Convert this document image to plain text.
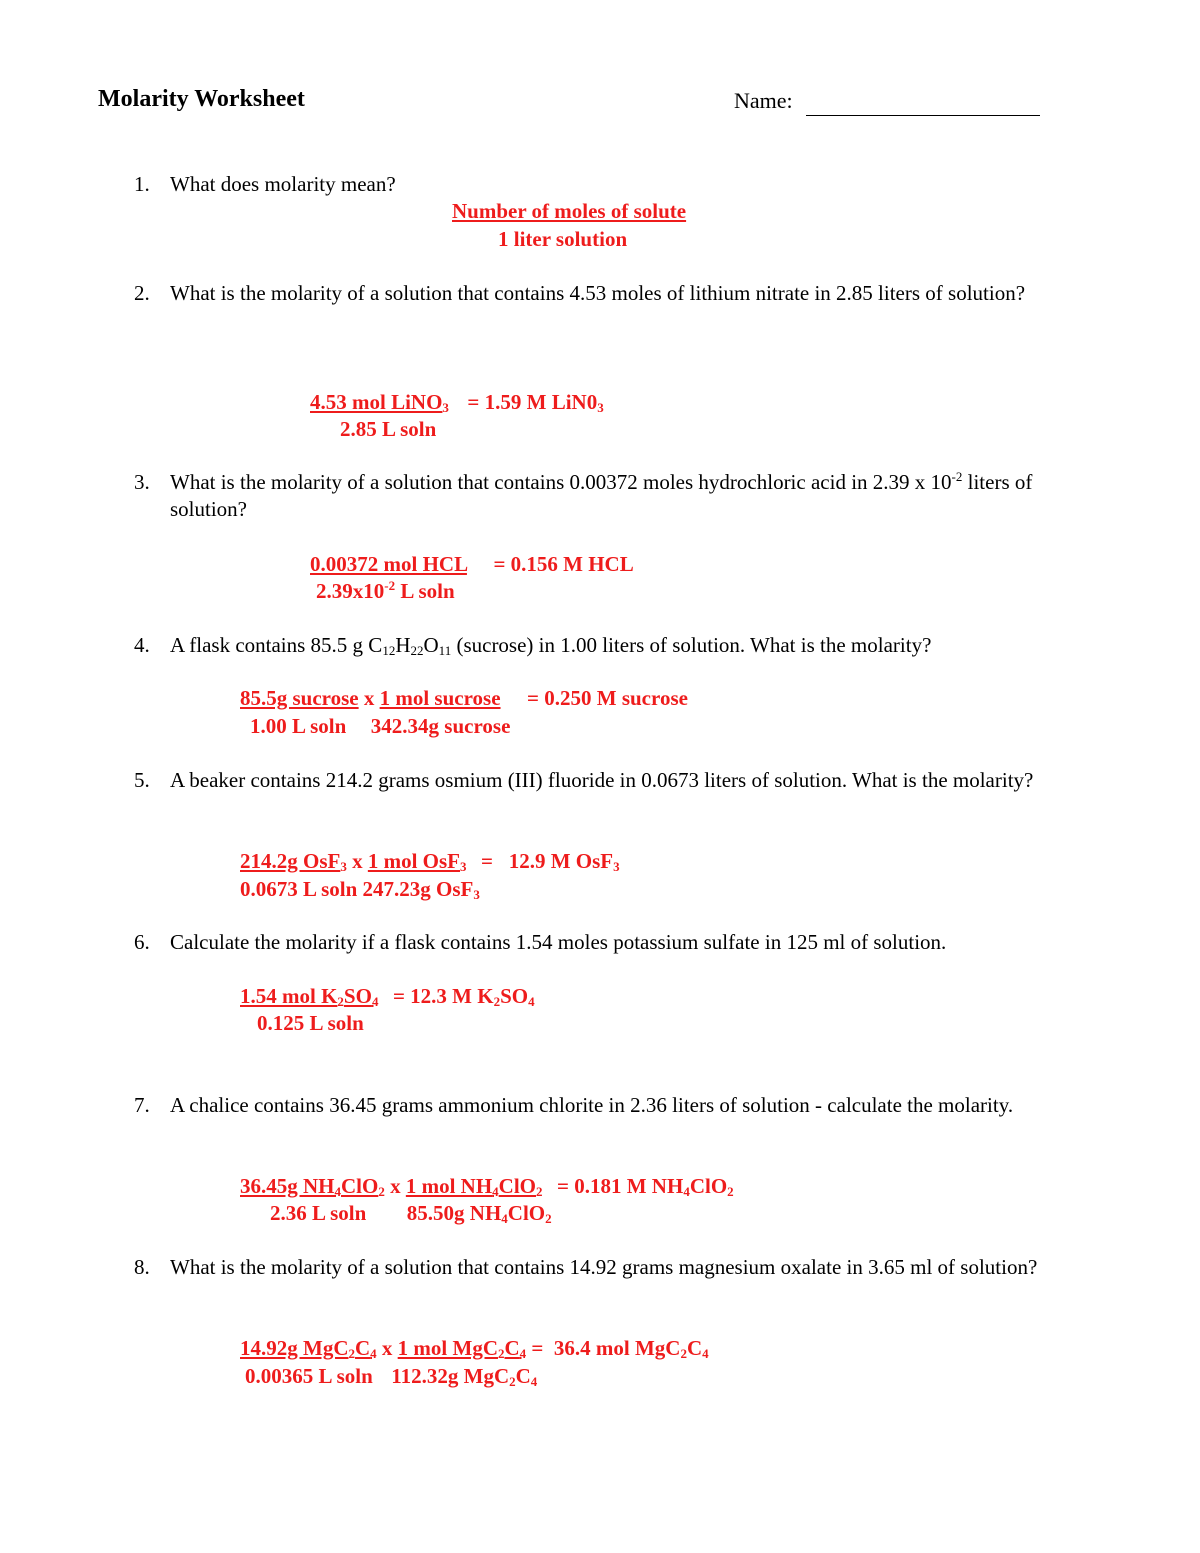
Molarity Worksheet	Name:
1. What does molarity mean?
Number of moles of solute
1 liter solution
2. What is the molarity of a solution that contains 4.53 moles of lithium nitrate in 2.85 liters of solution?
4.53 mol LiNO$_3$ = 1.59 M $LiN0_3$
2.85 L soln
3. What is the molarity of a solution that contains 0.00372 moles hydrochloric acid in 2.39 x $10^{-2}$ liters of solution?
0.00372 mol HCL = 0.156 M HCL
$2.39x10^{-2}$ L soln
4. A flask contains 85.5 g $C_{12}H_{22}O_{11}$ (sucrose) in 1.00 liters of solution. What is the molarity?
85.5g sucrose x 1 mol sucrose = 0.250 M sucrose
1.00 L soln 342.34g sucrose
5. A beaker contains 214.2 grams osmium (III) fluoride in 0.0673 liters of solution. What is the molarity?
214.2g OsF$_3$ x 1 mol OsF$_3$ =   12.9 M OsF$_3$
0.0673 L soln 247.23g OsF$_3$
6. Calculate the molarity if a flask contains 1.54 moles potassium sulfate in 125 ml of solution.
1.54 mol $K_2SO_4 = 12.3$ M $K_2SO_4$
0.125 L soln
7. A chalice contains 36.45 grams ammonium chlorite in 2.36 liters of solution - calculate the molarity.
36.45g $NH_4ClO_2$ x 1 mol $NH_4ClO_2 = 0.181$ M $NH_4ClO_2$
2.36 L soln 85.50g $NH_4ClO_2$
8. What is the molarity of a solution that contains 14.92 grams magnesium oxalate in 3.65 ml of solution?
14.92g $MgC_2C_4$ x 1 mol $MgC_2C_4 = 36.4$ mol $MgC_2C_4$
0.00365 L soln 112.32g $MgC_2C_4$
